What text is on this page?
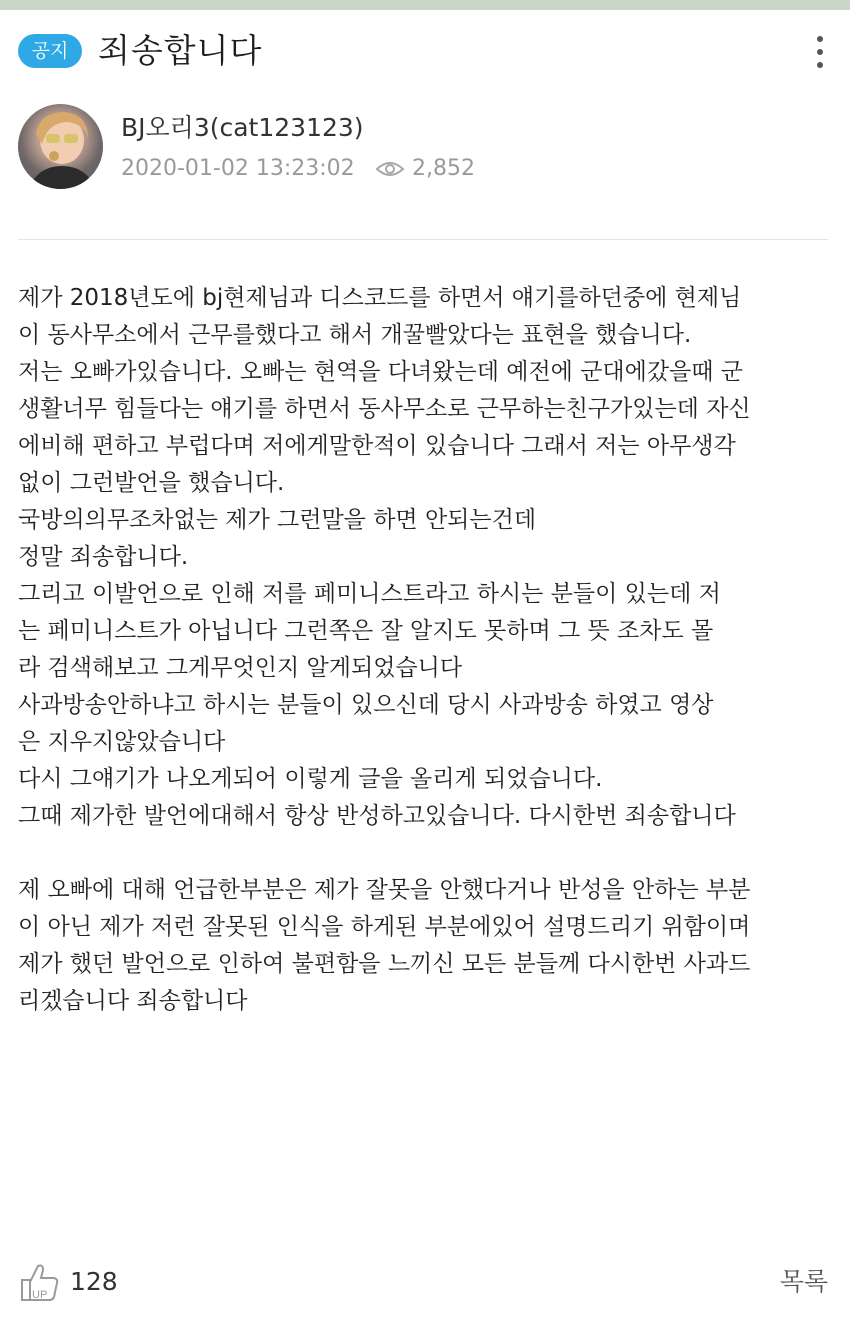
공지 죄송합니다
BJ오리3(cat123123)
2020-01-02 13:23:02	2,852

제가 2018년도에 bj현제님과 디스코드를 하면서 얘기를하던중에 현제님

이 동사무소에서 근무를했다고 해서 개꿀빨았다는 표현을 했습니다.

저는 오빠가있습니다. 오빠는 현역을 다녀왔는데 예전에 군대에갔을때 군

생활너무 힘들다는 얘기를 하면서 동사무소로 근무하는친구가있는데 자신

에비해 편하고 부럽다며 저에게말한적이 있습니다 그래서 저는 아무생각

없이 그런발언을 했습니다.

국방의의무조차없는 제가 그런말을 하면 안되는건데

정말 죄송합니다.

그리고 이발언으로 인해 저를 페미니스트라고 하시는 분들이 있는데 저

는 페미니스트가 아닙니다 그런쪽은 잘 알지도 못하며 그 뜻 조차도 몰

라 검색해보고 그게무엇인지 알게되었습니다

사과방송안하냐고 하시는 분들이 있으신데 당시 사과방송 하였고 영상

은 지우지않았습니다

다시 그얘기가 나오게되어 이렇게 글을 올리게 되었습니다.

그때 제가한 발언에대해서 항상 반성하고있습니다. 다시한번 죄송합니다

제 오빠에 대해 언급한부분은 제가 잘못을 안했다거나 반성을 안하는 부분

이 아닌 제가 저런 잘못된 인식을 하게된 부분에있어 설명드리기 위함이며

제가 했던 발언으로 인하여 불편함을 느끼신 모든 분들께 다시한번 사과드

리겠습니다 죄송합니다

UP 128	목록
